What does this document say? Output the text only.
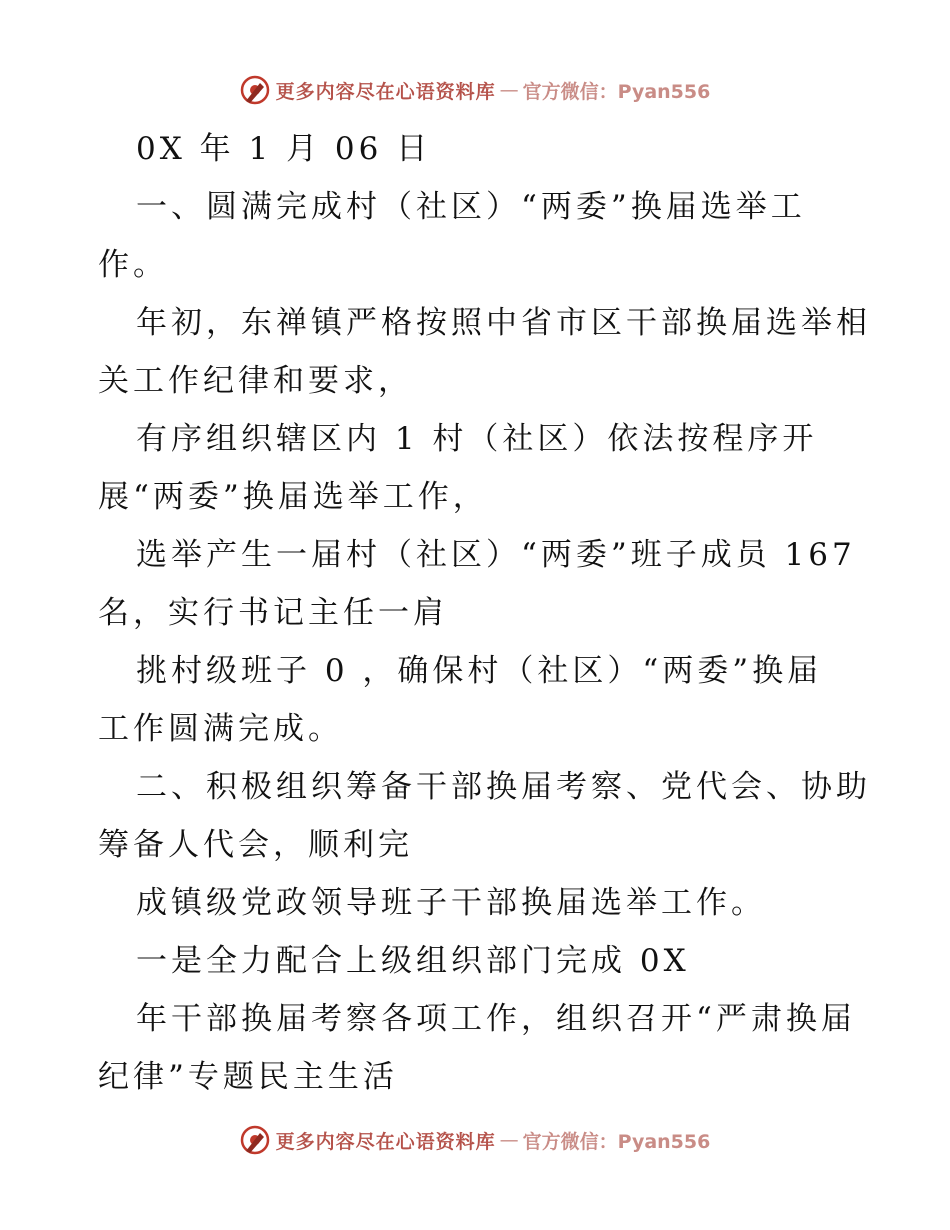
更多内容尽在心语资料库 — 官方微信：Pyan556
0X 年 1 月 06 日
一、圆满完成村（社区）“两委”换届选举工
作。
年初，东禅镇严格按照中省市区干部换届选举相
关工作纪律和要求，
有序组织辖区内 1 村（社区）依法按程序开
展“两委”换届选举工作，
选举产生一届村（社区）“两委”班子成员 167
名，实行书记主任一肩
挑村级班子 0 ，确保村（社区）“两委”换届
工作圆满完成。
二、积极组织筹备干部换届考察、党代会、协助
筹备人代会，顺利完
成镇级党政领导班子干部换届选举工作。
一是全力配合上级组织部门完成 0X
年干部换届考察各项工作，组织召开“严肃换届
纪律”专题民主生活
更多内容尽在心语资料库 — 官方微信：Pyan556
